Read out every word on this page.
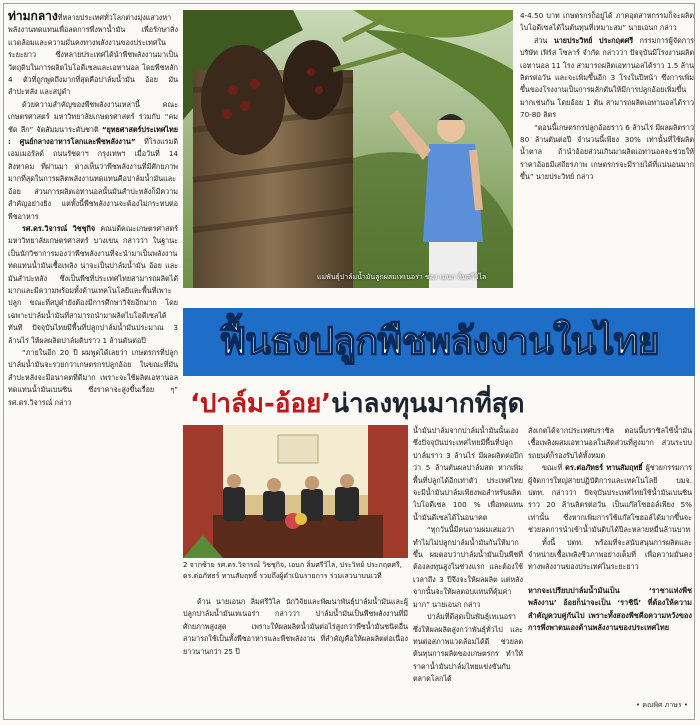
ท่ามกลางที่หลายประเทศทั่วโลกต่างมุ่งแสวงหาพลังงานทดแทนเพื่อลดการพึ่งพาน้ำมัน เพื่อรักษาสิ่งแวดล้อมและความมั่นคงทางพลังงานของประเทศในระยะยาว ซึ่งหลายประเทศได้นำพืชพลังงานมาเป็นวัตถุดิบในการผลิตไบโอดีเซลและเอทานอล โดยพืชหลัก 4 ตัวที่ถูกพูดถึงมากที่สุดคือปาล์มน้ำมัน อ้อย มันสำปะหลัง และสบู่ดำ

ด้วยความสำคัญของพืชพลังงานเหล่านี้ คณะเกษตรศาสตร์ มหาวิทยาลัยเกษตรศาสตร์ ร่วมกับ “คม ชัด ลึก” จัดสัมมนาระดับชาติ “ยุทธศาสตร์ประเทศไทย : ศูนย์กลางอาหารโลกและพืชพลังงาน” ที่โรงแรมดิ เอมเมอรัลด์ ถนนรัชดาฯ กรุงเทพฯ เมื่อวันที่ 14 สิงหาคม ที่ผ่านมา ต่างเห็นว่าพืชพลังงานที่มีศักยภาพมากที่สุดในการผลิตพลังงานทดแทนคือปาล์มน้ำมันและอ้อย ส่วนการผลิตเอทานอลนั้นมันสำปะหลังก็มีความสำคัญอย่างยิ่ง แต่ทั้งนี้พืชพลังงานจะต้องไม่กระทบต่อพืชอาหาร

รศ.ดร.วิจารณ์ วิชชุกิจ คณบดีคณะเกษตรศาสตร์ มหาวิทยาลัยเกษตรศาสตร์ บางเขน กล่าวว่า ในฐานะเป็นนักวิชาการมองว่าพืชพลังงานที่จะนำมาเป็นพลังงานทดแทนน้ำมันเชื้อเพลิง น่าจะเป็นปาล์มน้ำมัน อ้อย และมันสำปะหลัง ซึ่งเป็นพืชที่ประเทศไทยสามารถผลิตได้มากและมีความพร้อมทั้งด้านเทคโนโลยีและพื้นที่เพาะปลูก ขณะที่สบู่ดำยังต้องมีการศึกษาวิจัยอีกมาก โดยเฉพาะปาล์มน้ำมันที่สามารถนำมาผลิตไบโอดีเซลได้ทันที ปัจจุบันไทยมีพื้นที่ปลูกปาล์มน้ำมันประมาณ 3 ล้านไร่ ให้ผลผลิตปาล์มดิบราว 1 ล้านตันต่อปี

“ภายในอีก 20 ปี ผมพูดได้เลยว่า เกษตรกรที่ปลูกปาล์มน้ำมันจะรวยกว่าเกษตรกรปลูกอ้อย ในขณะที่มันสำปะหลังจะมีอนาคตที่ดีมาก เพราะจะใช้ผลิตเอทานอลทดแทนน้ำมันเบนซิน ซึ่งราคาจะสูงขึ้นเรื่อย ๆ” รศ.ดร.วิจารณ์ กล่าว

แม่พันธุ์ปาล์มน้ำมันลูกผสมเทเนอร่า ของ เอนก ลิ่มศรีวิไล

4-4.50 บาท เกษตรกรก็อยู่ได้ ภาคอุตสาหกรรมก็จะผลิตไบโอดีเซลได้ในต้นทุนที่เหมาะสม” นายเอนก กล่าว

ส่วน นายประวิทย์ ประกฤตศรี กรรมการผู้จัดการบริษัท เฟิร์ส โซลาร์ จำกัด กล่าวว่า ปัจจุบันมีโรงงานผลิตเอทานอล 11 โรง สามารถผลิตเอทานอลได้ราว 1.5 ล้านลิตรต่อวัน และจะเพิ่มขึ้นอีก 3 โรงในปีหน้า ซึ่งการเพิ่มขึ้นของโรงงานเป็นการผลักดันให้มีการปลูกอ้อยเพิ่มขึ้นมากเช่นกัน โดยอ้อย 1 ตัน สามารถผลิตเอทานอลได้ราว 70-80 ลิตร

“ตอนนี้เกษตรกรปลูกอ้อยราว 6 ล้านไร่ มีผลผลิตราว 80 ล้านตันต่อปี จำนวนนี้เพียง 30% เท่านั้นที่ใช้ผลิตน้ำตาล ถ้านำอ้อยส่วนเกินมาผลิตเอทานอลจะช่วยให้ราคาอ้อยมีเสถียรภาพ เกษตรกรจะมีรายได้ที่แน่นอนมากขึ้น” นายประวิทย์ กล่าว

ฟื้นธงปลูกพืชพลังงานในไทย
‘ปาล์ม-อ้อย’น่าลงทุนมากที่สุด
2 จากซ้าย รศ.ดร.วิจารณ์ วิชชุกิจ, เอนก ลิ่มศรีวิไล, ประวิทย์ ประกฤตศรี, ดร.ต่อภัทธร์ ทานสัมฤทธิ์ รวมถึงผู้ดำเนินรายการ ร่วมเสวนาบนเวที

น้ำมันปาล์มจากปาล์มน้ำมันนั้นเอง ซึ่งปัจจุบันประเทศไทยมีพื้นที่ปลูกปาล์มราว 3 ล้านไร่ มีผลผลิตต่อปีกว่า 5 ล้านตันผลปาล์มสด หากเพิ่มพื้นที่ปลูกได้อีกเท่าตัว ประเทศไทยจะมีน้ำมันปาล์มเพียงพอสำหรับผลิตไบโอดีเซล 100 % เพื่อทดแทนน้ำมันดีเซลได้ในอนาคต

“ทุกวันนี้มีคนถามผมเสมอว่า ทำไมไม่ปลูกปาล์มน้ำมันกันให้มากขึ้น ผมตอบว่าปาล์มน้ำมันเป็นพืชที่ต้องลงทุนสูงในช่วงแรก และต้องใช้เวลาถึง 3 ปีจึงจะให้ผลผลิต แต่หลังจากนั้นจะให้ผลตอบแทนที่คุ้มค่ามาก” นายเอนก กล่าว

ปาล์มที่ดีสุดเป็นพันธุ์เทเนอร่า ซึ่งให้ผลผลิตสูงกว่าพันธุ์ทั่วไป และทนต่อสภาพแวดล้อมได้ดี ช่วยลดต้นทุนการผลิตของเกษตรกร ทำให้ราคาน้ำมันปาล์มไทยแข่งขันกับตลาดโลกได้

ด้าน นายเอนก ลิ่มศรีวิไล นักวิจัยและพัฒนาพันธุ์ปาล์มน้ำมันและผู้ปลูกปาล์มน้ำมันเทเนอร่า กล่าวว่า ปาล์มน้ำมันเป็นพืชพลังงานที่มีศักยภาพสูงสุด เพราะให้ผลผลิตน้ำมันต่อไร่สูงกว่าพืชน้ำมันชนิดอื่น สามารถใช้เป็นทั้งพืชอาหารและพืชพลังงาน ที่สำคัญคือให้ผลผลิตต่อเนื่องยาวนานกว่า 25 ปี

สังเกตได้จากประเทศบราซิล ตอนนี้บราซิลใช้น้ำมันเชื้อเพลิงผสมเอทานอลในสัดส่วนที่สูงมาก ส่วนระบบรถยนต์ก็รองรับได้ทั้งหมด

ขณะที่ ดร.ต่อภัทธร์ ทานสัมฤทธิ์ ผู้ช่วยกรรมการผู้จัดการใหญ่สายปฏิบัติการและเทคโนโลยี บมจ. ปตท. กล่าวว่า ปัจจุบันประเทศไทยใช้น้ำมันเบนซินราว 20 ล้านลิตรต่อวัน เป็นแก๊สโซฮอล์เพียง 5% เท่านั้น ซึ่งหากเพิ่มการใช้แก๊สโซฮอล์ได้มากขึ้นจะช่วยลดการนำเข้าน้ำมันดิบได้ปีละหลายหมื่นล้านบาท

ทั้งนี้ ปตท. พร้อมที่จะสนับสนุนการผลิตและจำหน่ายเชื้อเพลิงชีวภาพอย่างเต็มที่ เพื่อความมั่นคงทางพลังงานของประเทศในระยะยาว

หากจะเปรียบปาล์มน้ำมันเป็น ‘ราชาแห่งพืชพลังงาน’ อ้อยก็น่าจะเป็น ‘ราชินี’ ที่ต้องให้ความสำคัญควบคู่กันไป เพราะทั้งสองพืชคือความหวังของการพึ่งพาตนเองด้านพลังงานของประเทศไทย
• คณพิศ ภาษร •
